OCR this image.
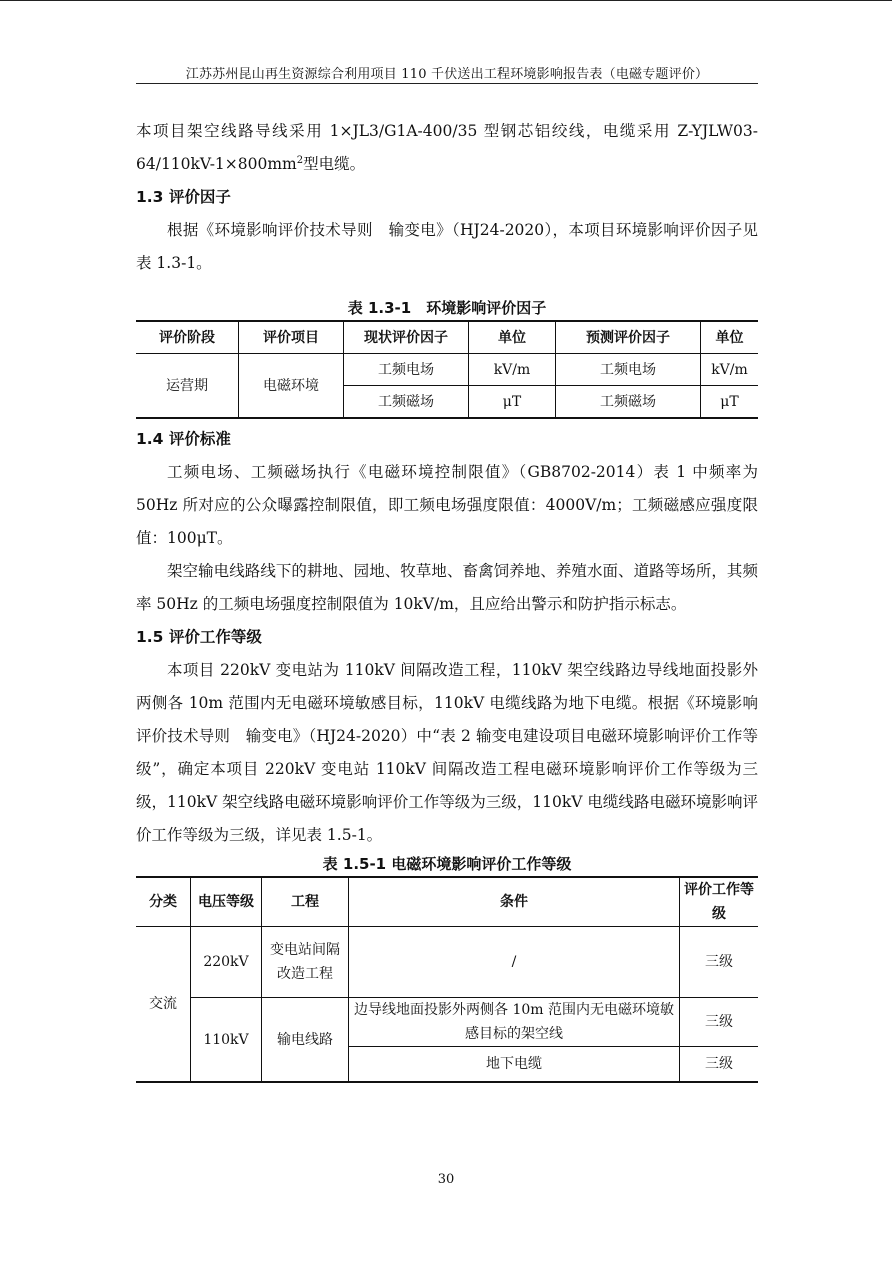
江苏苏州昆山再生资源综合利用项目 110 千伏送出工程环境影响报告表（电磁专题评价）

本项目架空线路导线采用 1×JL3/G1A-400/35 型钢芯铝绞线，电缆采用 $Z-YJLW03-64/110kV-1\times 800mm^2$型电缆。

1.3 评价因子

根据《环境影响评价技术导则　输变电》（HJ24-2020），本项目环境影响评价因子见表 1.3-1。

表 1.3-1　环境影响评价因子
评价阶段	评价项目	现状评价因子	单位	预测评价因子	单位
运营期	电磁环境	工频电场	kV/m	工频电场	kV/m
		工频磁场	μT	工频磁场	μT
1.4 评价标准

工频电场、工频磁场执行《电磁环境控制限值》（GB8702-2014）表 1 中频率为 50Hz 所对应的公众曝露控制限值，即工频电场强度限值：4000V/m；工频磁感应强度限值：100μT。

架空输电线路线下的耕地、园地、牧草地、畜禽饲养地、养殖水面、道路等场所，其频率 50Hz 的工频电场强度控制限值为 10kV/m，且应给出警示和防护指示标志。

1.5 评价工作等级

本项目 220kV 变电站为 110kV 间隔改造工程，110kV 架空线路边导线地面投影外两侧各 10m 范围内无电磁环境敏感目标，110kV 电缆线路为地下电缆。根据《环境影响评价技术导则　输变电》（HJ24-2020）中“表 2 输变电建设项目电磁环境影响评价工作等级”，确定本项目 220kV 变电站 110kV 间隔改造工程电磁环境影响评价工作等级为三级，110kV 架空线路电磁环境影响评价工作等级为三级，110kV 电缆线路电磁环境影响评价工作等级为三级，详见表 1.5-1。

表 1.5-1 电磁环境影响评价工作等级
分类	电压等级	工程	条件	评价工作等级
交流	220kV	变电站间隔改造工程	/	三级
	110kV	输电线路	边导线地面投影外两侧各 10m 范围内无电磁环境敏感目标的架空线	三级
			地下电缆	三级
30
